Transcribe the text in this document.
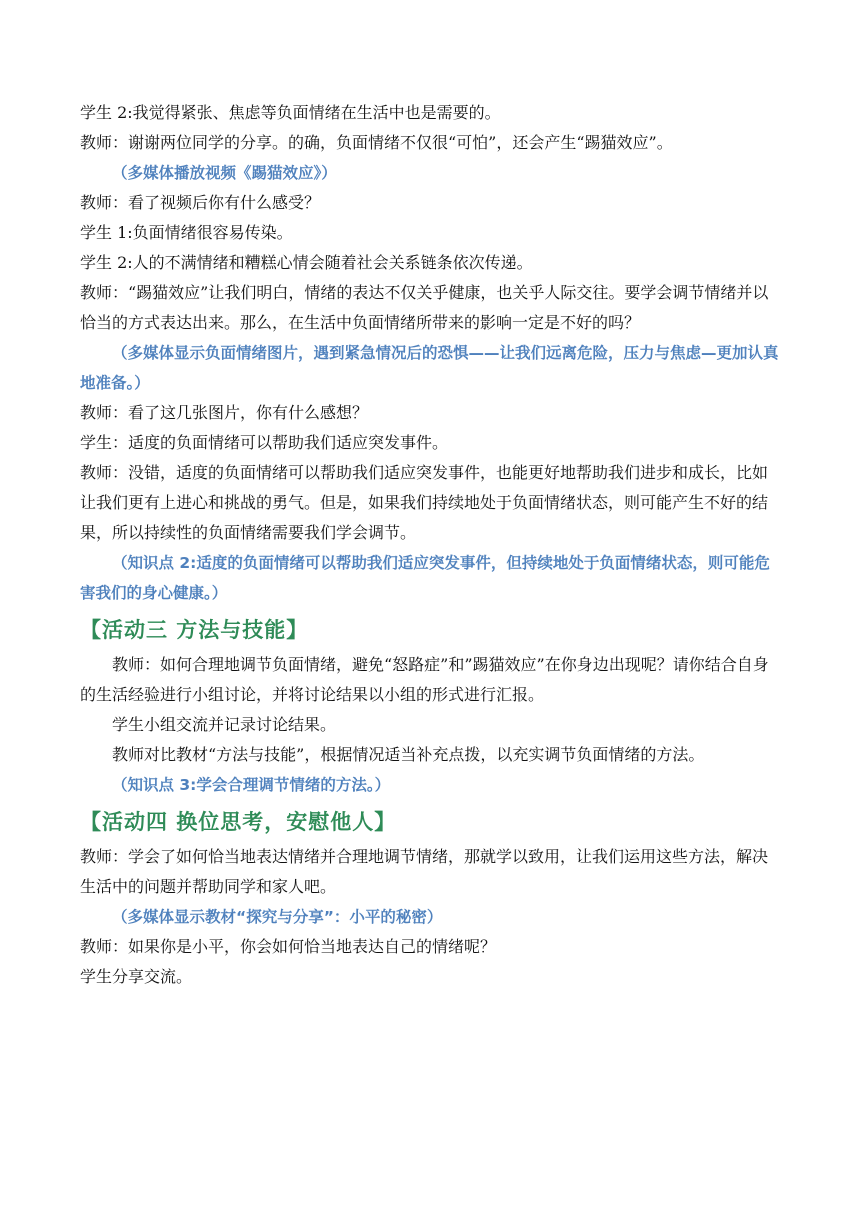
学生 2:我觉得紧张、焦虑等负面情绪在生活中也是需要的。

教师：谢谢两位同学的分享。的确，负面情绪不仅很“可怕”，还会产生“踢猫效应”。

（多媒体播放视频《踢猫效应》）

教师：看了视频后你有什么感受？

学生 1:负面情绪很容易传染。

学生 2:人的不满情绪和糟糕心情会随着社会关系链条依次传递。

教师：“踢猫效应”让我们明白，情绪的表达不仅关乎健康，也关乎人际交往。要学会调节情绪并以恰当的方式表达出来。那么，在生活中负面情绪所带来的影响一定是不好的吗？

（多媒体显示负面情绪图片，遇到紧急情况后的恐惧——让我们远离危险，压力与焦虑—更加认真地准备。）

教师：看了这几张图片，你有什么感想？

学生：适度的负面情绪可以帮助我们适应突发事件。

教师：没错，适度的负面情绪可以帮助我们适应突发事件，也能更好地帮助我们进步和成长，比如让我们更有上进心和挑战的勇气。但是，如果我们持续地处于负面情绪状态，则可能产生不好的结果，所以持续性的负面情绪需要我们学会调节。

（知识点 2:适度的负面情绪可以帮助我们适应突发事件，但持续地处于负面情绪状态，则可能危害我们的身心健康。）

【活动三 方法与技能】

教师：如何合理地调节负面情绪，避免“怒路症”和”踢猫效应”在你身边出现呢？请你结合自身的生活经验进行小组讨论，并将讨论结果以小组的形式进行汇报。

学生小组交流并记录讨论结果。

教师对比教材“方法与技能”，根据情况适当补充点拨，以充实调节负面情绪的方法。

（知识点 3:学会合理调节情绪的方法。）

【活动四 换位思考，安慰他人】

教师：学会了如何恰当地表达情绪并合理地调节情绪，那就学以致用，让我们运用这些方法，解决生活中的问题并帮助同学和家人吧。

（多媒体显示教材“探究与分享”：小平的秘密）

教师：如果你是小平，你会如何恰当地表达自己的情绪呢？

学生分享交流。
